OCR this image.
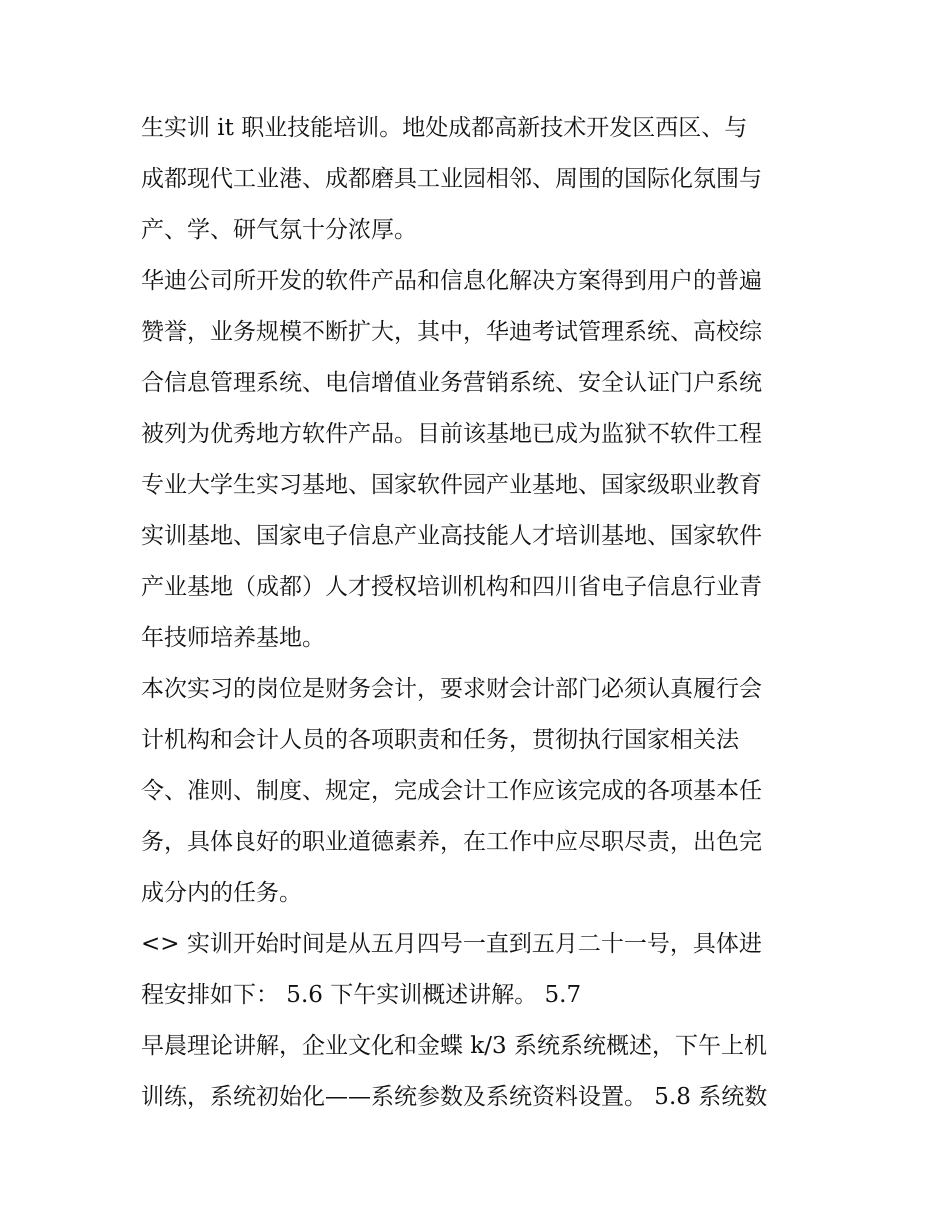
生实训 it 职业技能培训。地处成都高新技术开发区西区、与
成都现代工业港、成都磨具工业园相邻、周围的国际化氛围与
产、学、研气氛十分浓厚。
华迪公司所开发的软件产品和信息化解决方案得到用户的普遍
赞誉，业务规模不断扩大，其中，华迪考试管理系统、高校综
合信息管理系统、电信增值业务营销系统、安全认证门户系统
被列为优秀地方软件产品。目前该基地已成为监狱不软件工程
专业大学生实习基地、国家软件园产业基地、国家级职业教育
实训基地、国家电子信息产业高技能人才培训基地、国家软件
产业基地（成都）人才授权培训机构和四川省电子信息行业青
年技师培养基地。
本次实习的岗位是财务会计，要求财会计部门必须认真履行会
计机构和会计人员的各项职责和任务，贯彻执行国家相关法
令、准则、制度、规定，完成会计工作应该完成的各项基本任
务，具体良好的职业道德素养，在工作中应尽职尽责，出色完
成分内的任务。
<> 实训开始时间是从五月四号一直到五月二十一号，具体进
程安排如下： 5.6 下午实训概述讲解。 5.7
早晨理论讲解，企业文化和金蝶 k/3 系统系统概述，下午上机
训练，系统初始化——系统参数及系统资料设置。 5.8 系统数
